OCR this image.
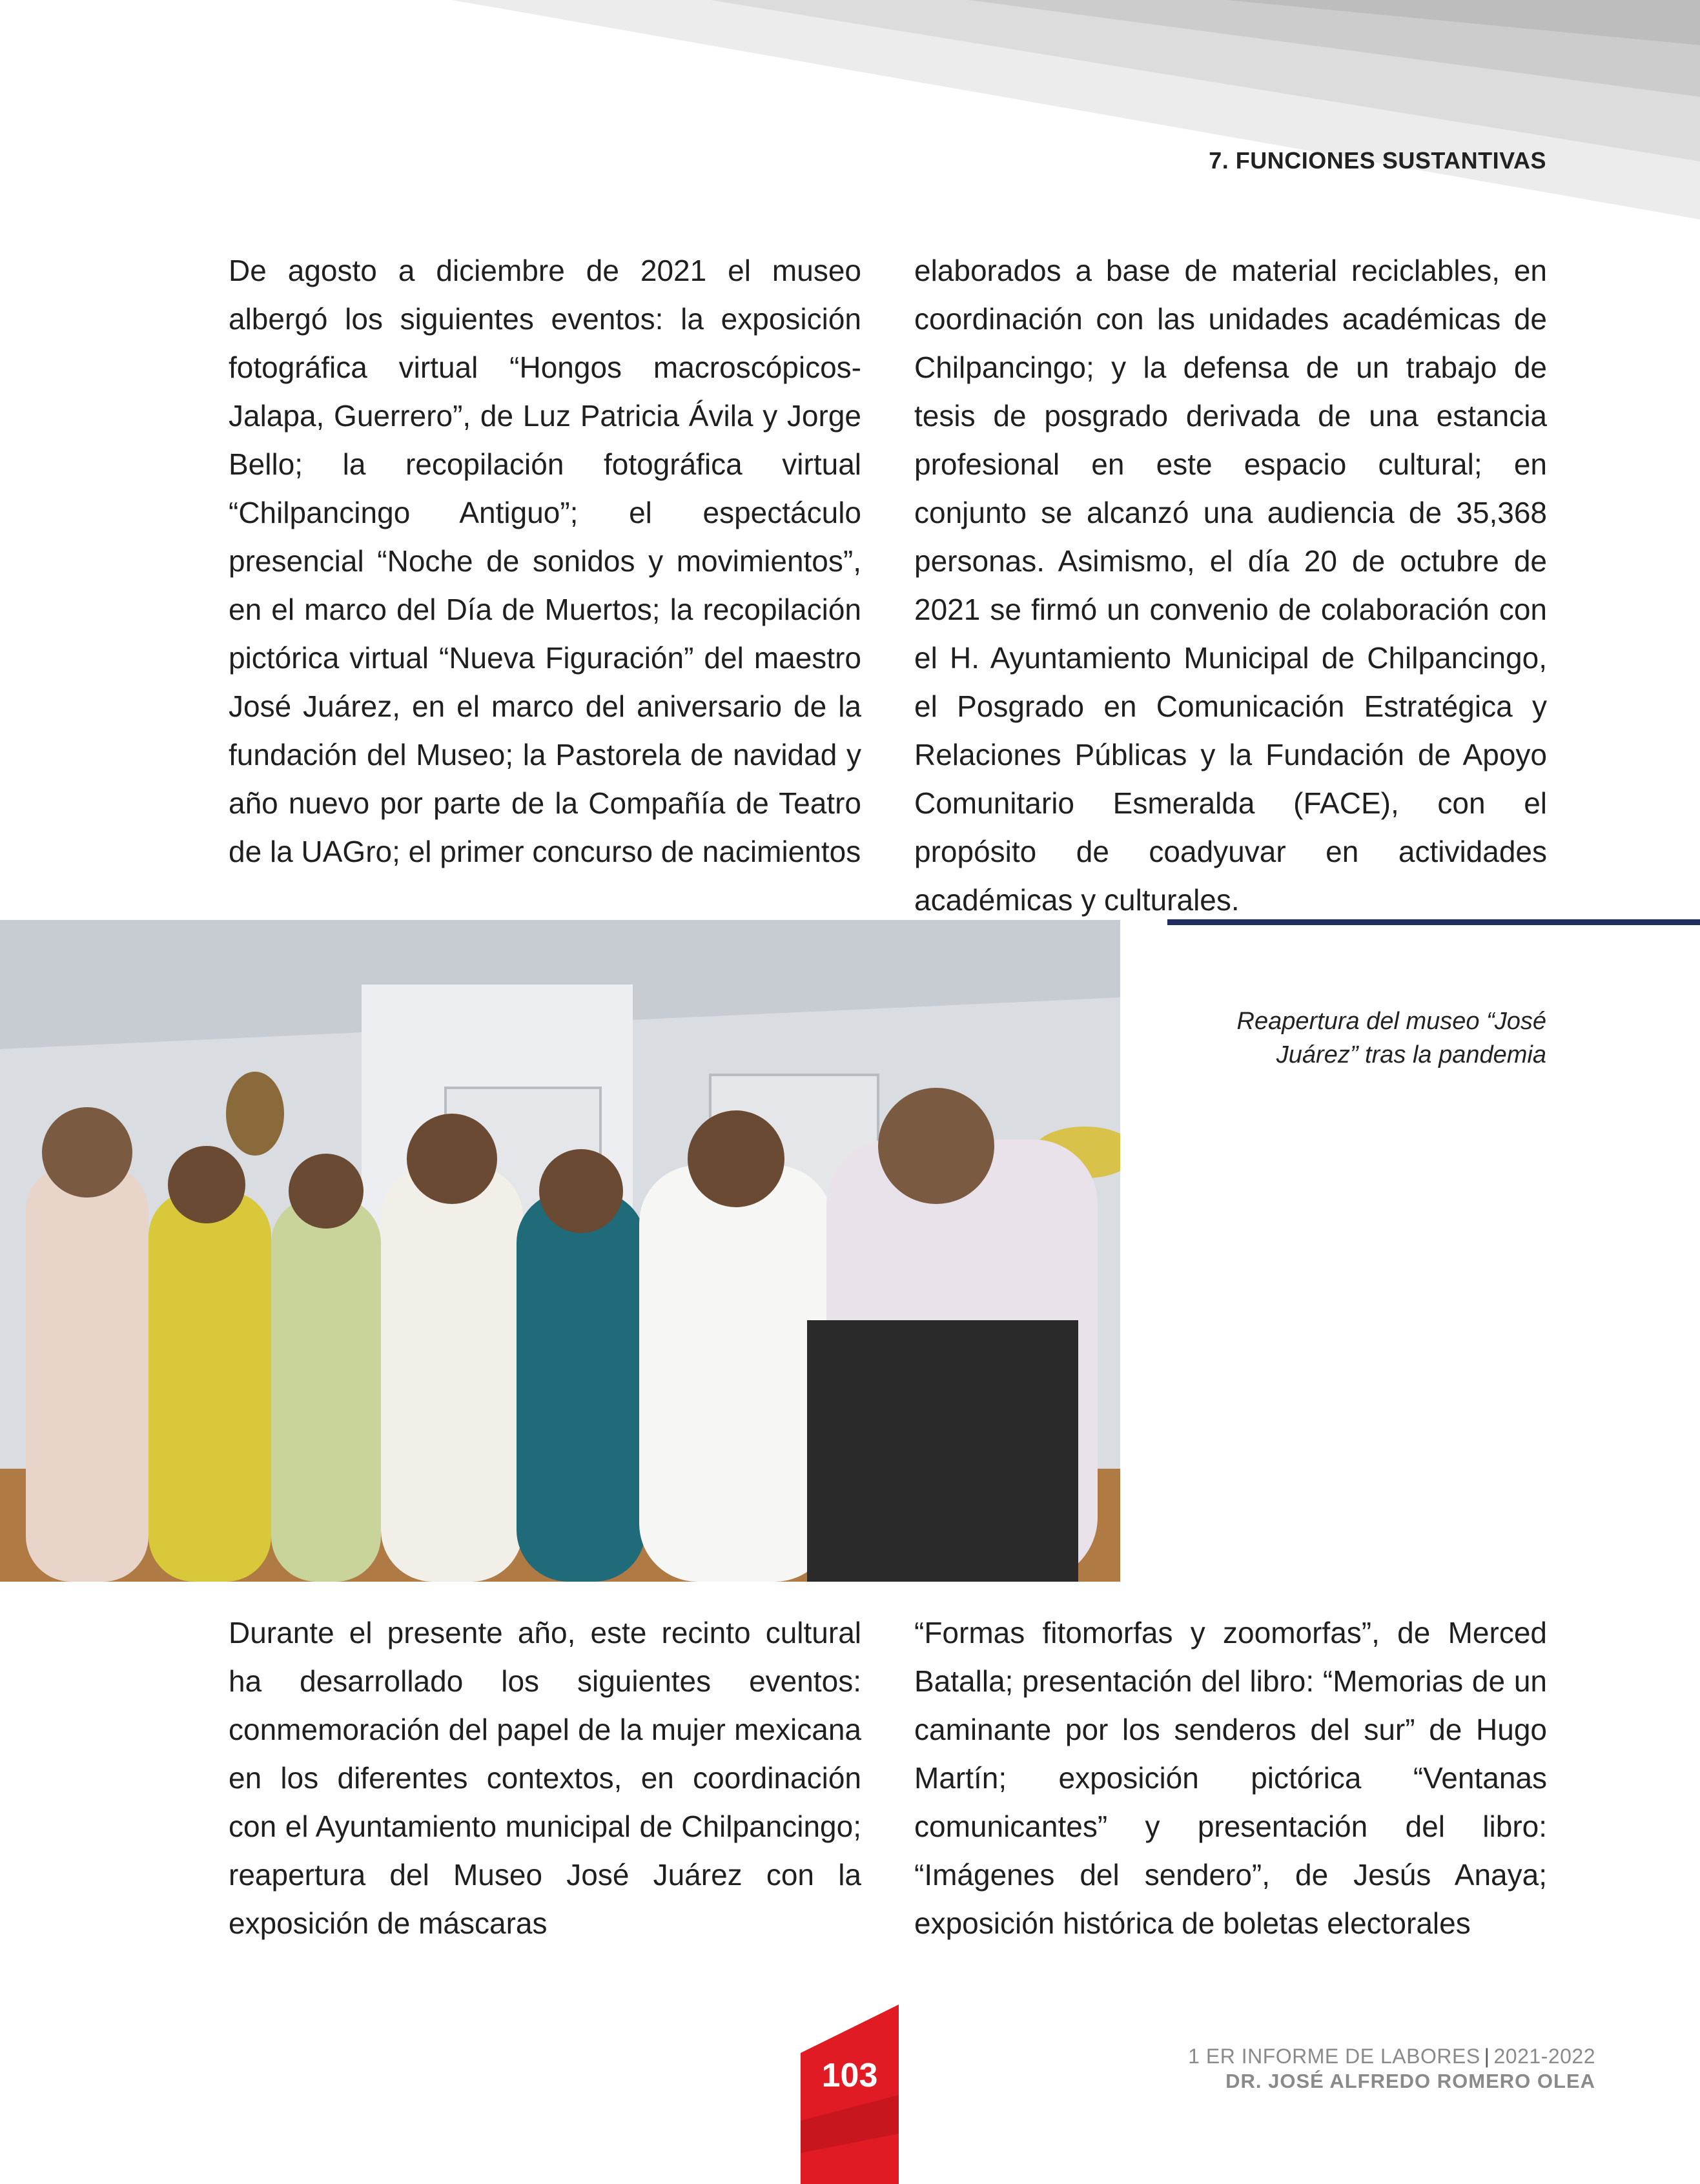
7. FUNCIONES SUSTANTIVAS

De agosto a diciembre de 2021 el museo albergó los siguientes eventos: la exposición fotográfica virtual “Hongos macroscópicos-Jalapa, Guerrero”, de Luz Patricia Ávila y Jorge Bello; la recopilación fotográfica virtual “Chilpancingo Antiguo”; el espectáculo presencial “Noche de sonidos y movimientos”, en el marco del Día de Muertos; la recopilación pictórica virtual “Nueva Figuración” del maestro José Juárez, en el marco del aniversario de la fundación del Museo; la Pastorela de navidad y año nuevo por parte de la Compañía de Teatro de la UAGro; el primer concurso de nacimientos

elaborados a base de material reciclables, en coordinación con las unidades académicas de Chilpancingo; y la defensa de un trabajo de tesis de posgrado derivada de una estancia profesional en este espacio cultural; en conjunto se alcanzó una audiencia de 35,368 personas. Asimismo, el día 20 de octubre de 2021 se firmó un convenio de colaboración con el H. Ayuntamiento Municipal de Chilpancingo, el Posgrado en Comunicación Estratégica y Relaciones Públicas y la Fundación de Apoyo Comunitario Esmeralda (FACE), con el propósito de coadyuvar en actividades académicas y culturales.

Reapertura del museo “José Juárez” tras la pandemia

Durante el presente año, este recinto cultural ha desarrollado los siguientes eventos: conmemoración del papel de la mujer mexicana en los diferentes contextos, en coordinación con el Ayuntamiento municipal de Chilpancingo; reapertura del Museo José Juárez con la exposición de máscaras

“Formas fitomorfas y zoomorfas”, de Merced Batalla; presentación del libro: “Memorias de un caminante por los senderos del sur” de Hugo Martín; exposición pictórica “Ventanas comunicantes” y presentación del libro: “Imágenes del sendero”, de Jesús Anaya; exposición histórica de boletas electorales

103
1 ER INFORME DE LABORES | 2021-2022
DR. JOSÉ ALFREDO ROMERO OLEA
